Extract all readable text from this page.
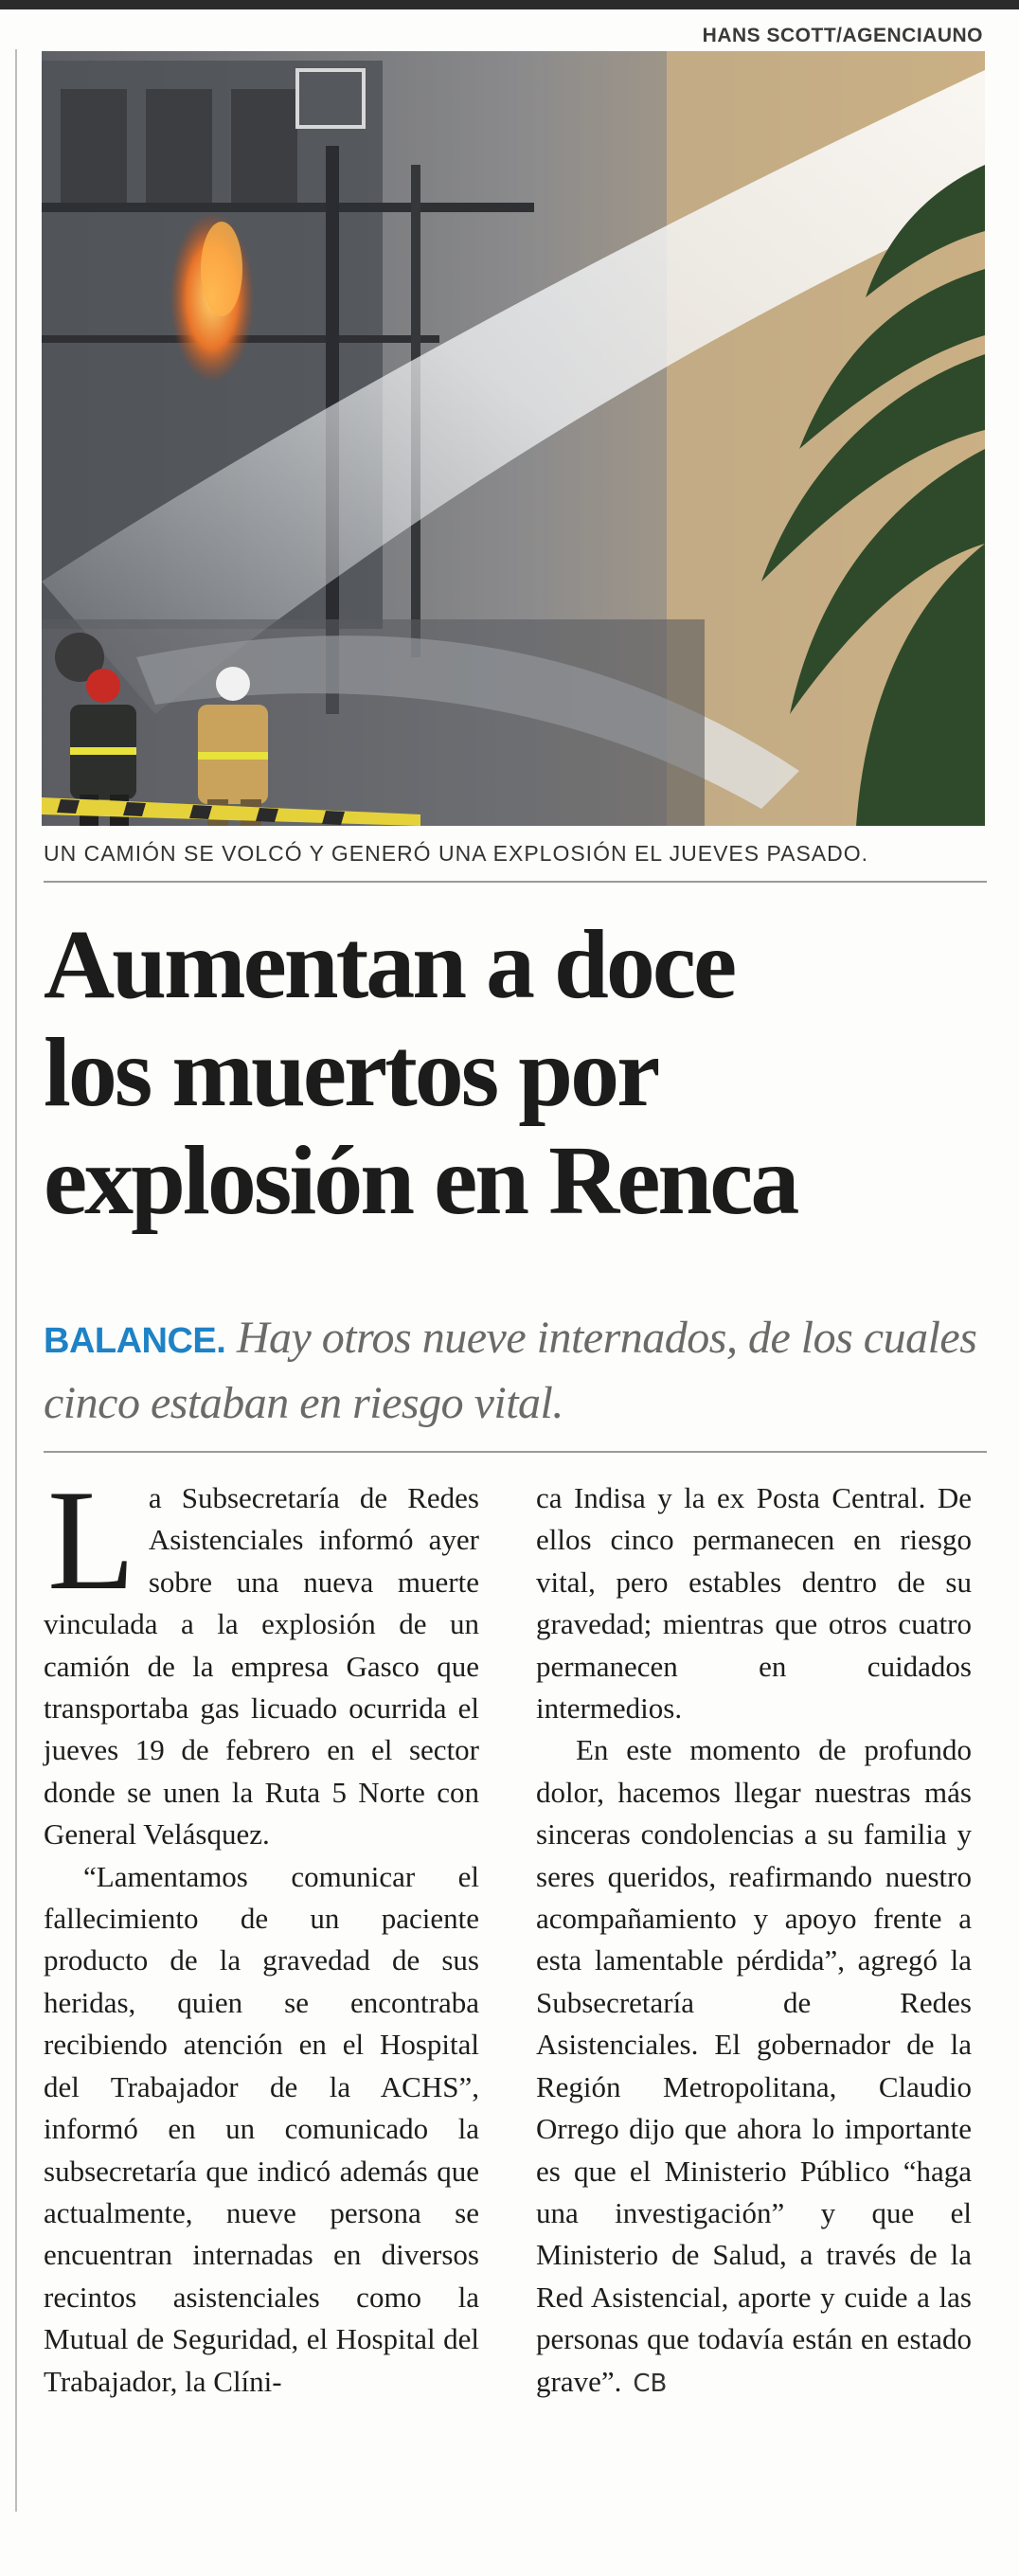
HANS SCOTT/AGENCIAUNO
UN CAMIÓN SE VOLCÓ Y GENERÓ UNA EXPLOSIÓN EL JUEVES PASADO.
Aumentan a doce
los muertos por
explosión en Renca
BALANCE. Hay otros nueve internados, de los cuales cinco estaban en riesgo vital.

La Subsecretaría de Redes Asistenciales informó ayer sobre una nueva muerte vinculada a la explosión de un camión de la empresa Gasco que transportaba gas licuado ocurrida el jueves 19 de febrero en el sector donde se unen la Ruta 5 Norte con General Velásquez.

“Lamentamos comunicar el fallecimiento de un paciente producto de la gravedad de sus heridas, quien se encontraba recibiendo atención en el Hospital del Trabajador de la ACHS”, informó en un comunicado la subsecretaría que indicó además que actualmente, nueve persona se encuentran internadas en diversos recintos asistenciales como la Mutual de Seguridad, el Hospital del Trabajador, la Clíni-

ca Indisa y la ex Posta Central. De ellos cinco permanecen en riesgo vital, pero estables dentro de su gravedad; mientras que otros cuatro permanecen en cuidados intermedios.

En este momento de profundo dolor, hacemos llegar nuestras más sinceras condolencias a su familia y seres queridos, reafirmando nuestro acompañamiento y apoyo frente a esta lamentable pérdida”, agregó la Subsecretaría de Redes Asistenciales. El gobernador de la Región Metropolitana, Claudio Orrego dijo que ahora lo importante es que el Ministerio Público “haga una investigación” y que el Ministerio de Salud, a través de la Red Asistencial, aporte y cuide a las personas que todavía están en estado grave”. CB
